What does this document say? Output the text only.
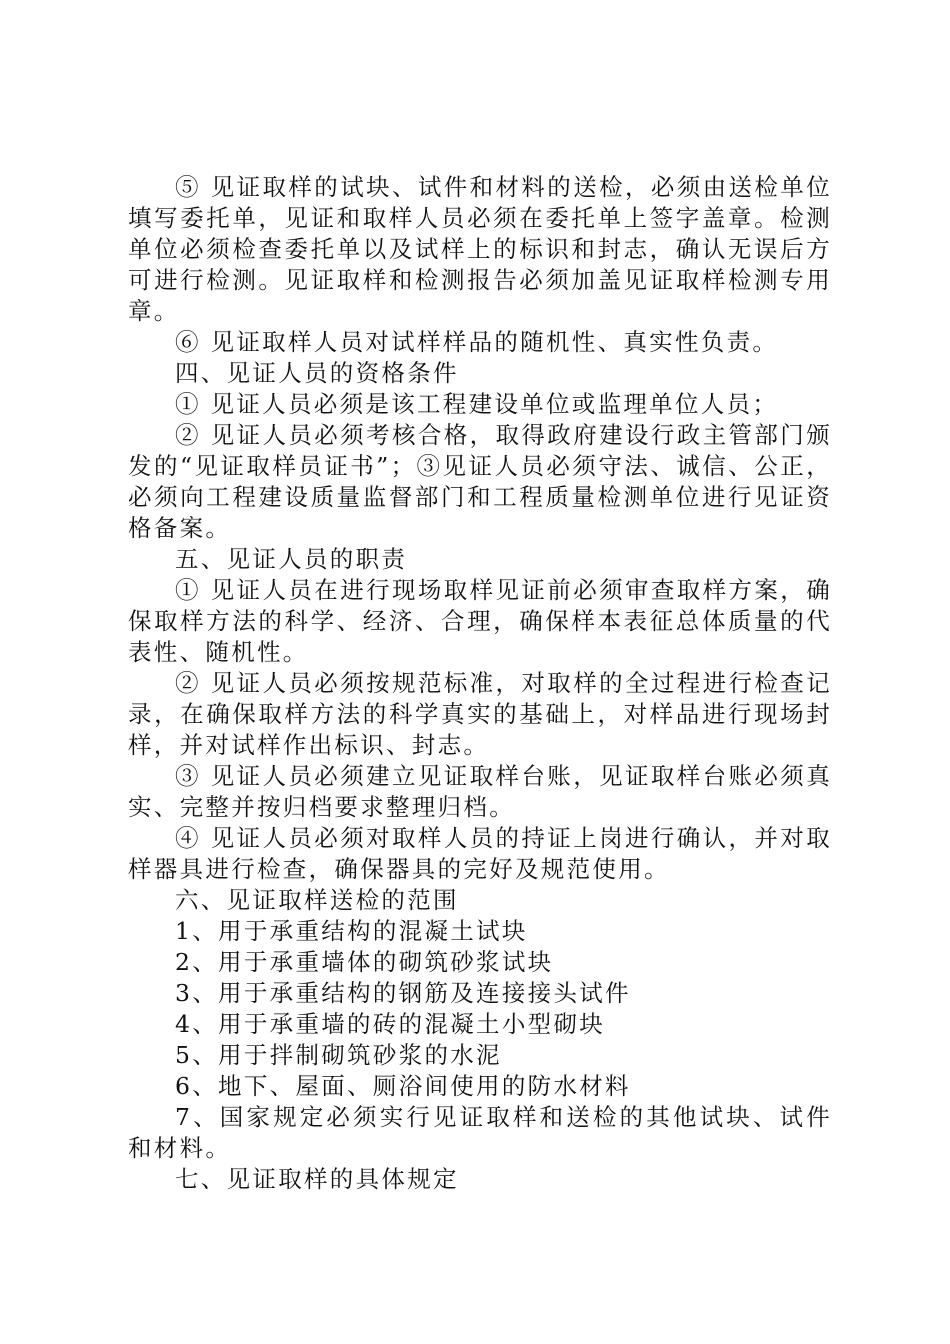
⑤ 见证取样的试块、试件和材料的送检，必须由送检单位填写委托单，见证和取样人员必须在委托单上签字盖章。检测单位必须检查委托单以及试样上的标识和封志，确认无误后方可进行检测。见证取样和检测报告必须加盖见证取样检测专用章。

⑥ 见证取样人员对试样样品的随机性、真实性负责。

四、见证人员的资格条件

① 见证人员必须是该工程建设单位或监理单位人员；

② 见证人员必须考核合格，取得政府建设行政主管部门颁发的“见证取样员证书”；③见证人员必须守法、诚信、公正，必须向工程建设质量监督部门和工程质量检测单位进行见证资格备案。

五、见证人员的职责

① 见证人员在进行现场取样见证前必须审查取样方案，确保取样方法的科学、经济、合理，确保样本表征总体质量的代表性、随机性。

② 见证人员必须按规范标准，对取样的全过程进行检查记录，在确保取样方法的科学真实的基础上，对样品进行现场封样，并对试样作出标识、封志。

③ 见证人员必须建立见证取样台账，见证取样台账必须真实、完整并按归档要求整理归档。

④ 见证人员必须对取样人员的持证上岗进行确认，并对取样器具进行检查，确保器具的完好及规范使用。

六、见证取样送检的范围

1、用于承重结构的混凝土试块

2、用于承重墙体的砌筑砂浆试块

3、用于承重结构的钢筋及连接接头试件

4、用于承重墙的砖的混凝土小型砌块

5、用于拌制砌筑砂浆的水泥

6、地下、屋面、厕浴间使用的防水材料

7、国家规定必须实行见证取样和送检的其他试块、试件和材料。

七、见证取样的具体规定
